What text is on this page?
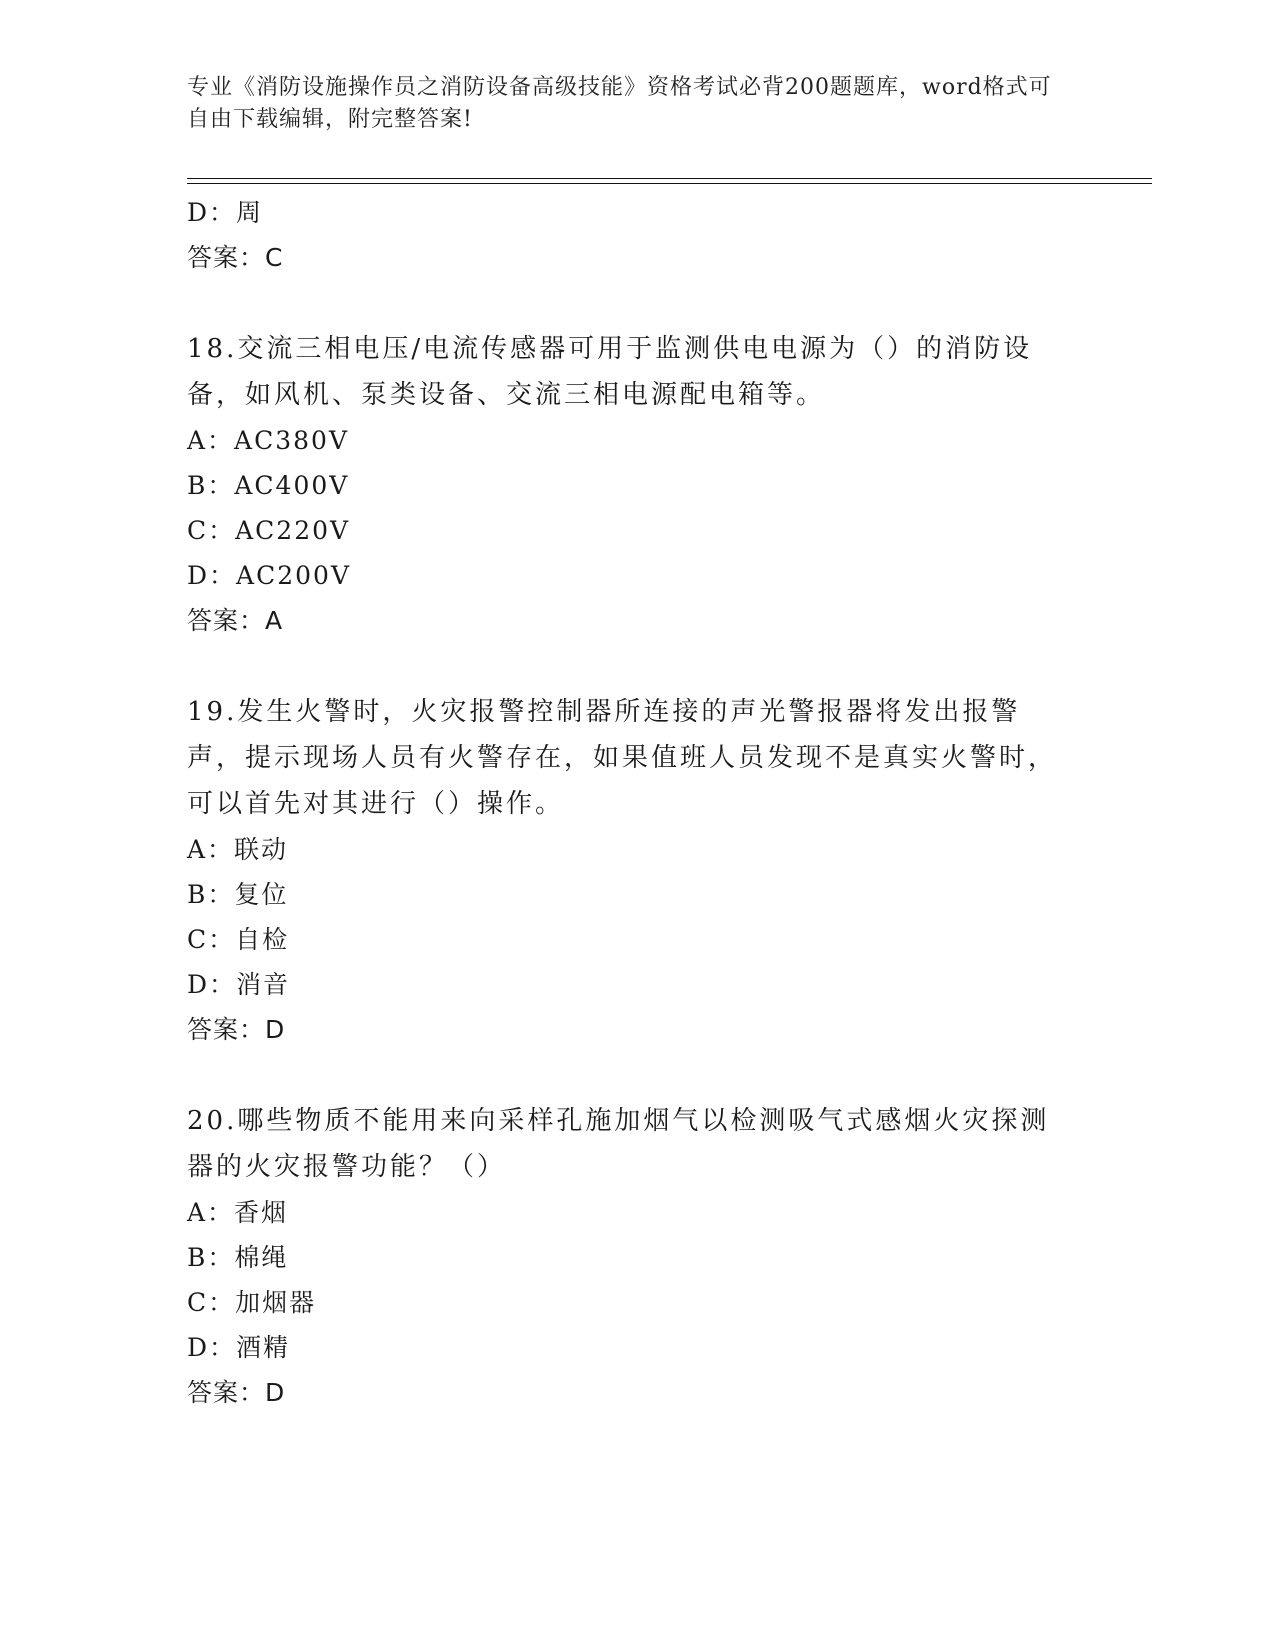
专业《消防设施操作员之消防设备高级技能》资格考试必背200题题库，word格式可自由下载编辑，附完整答案!
D：周
答案：C
18.交流三相电压/电流传感器可用于监测供电电源为（）的消防设备，如风机、泵类设备、交流三相电源配电箱等。
A：AC380V
B：AC400V
C：AC220V
D：AC200V
答案：A
19.发生火警时，火灾报警控制器所连接的声光警报器将发出报警声，提示现场人员有火警存在，如果值班人员发现不是真实火警时，可以首先对其进行（）操作。
A：联动
B：复位
C：自检
D：消音
答案：D
20.哪些物质不能用来向采样孔施加烟气以检测吸气式感烟火灾探测器的火灾报警功能？（）
A：香烟
B：棉绳
C：加烟器
D：酒精
答案：D
